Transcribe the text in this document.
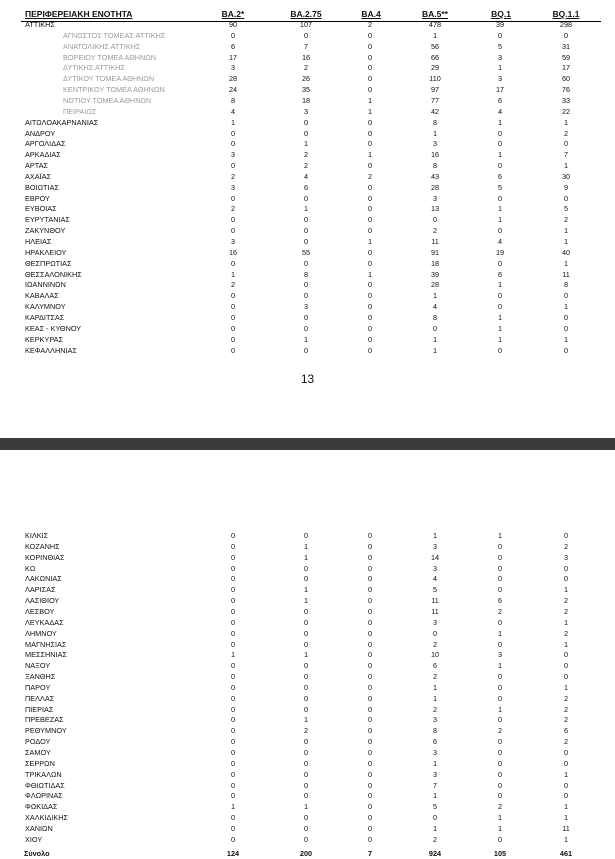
ΠΕΡΙΦΕΡΕΙΑΚΗ ΕΝΟΤΗΤΑ	BA.2*	BA.2.75	BA.4	BA.5**	BQ.1	BQ.1.1
ΑΤΤΙΚΗΣ	90	107	2	478	39	298
ΑΓΝΩΣΤΟΣ ΤΟΜΕΑΣ ΑΤΤΙΚΗΣ	0	0	0	1	0	0
ΑΝΑΤΟΛΙΚΗΣ ΑΤΤΙΚΗΣ	6	7	0	56	5	31
ΒΟΡΕΙΟΥ ΤΟΜΕΑ ΑΘΗΝΩΝ	17	16	0	66	3	59
ΔΥΤΙΚΗΣ ΑΤΤΙΚΗΣ	3	2	0	29	1	17
ΔΥΤΙΚΟΥ ΤΟΜΕΑ ΑΘΗΝΩΝ	28	26	0	110	3	60
ΚΕΝΤΡΙΚΟΥ ΤΟΜΕΑ ΑΘΗΝΩΝ	24	35	0	97	17	76
ΝΟΤΙΟΥ ΤΟΜΕΑ ΑΘΗΝΩΝ	8	18	1	77	6	33
ΠΕΙΡΑΙΩΣ	4	3	1	42	4	22
ΑΙΤΩΛΟΑΚΑΡΝΑΝΙΑΣ	1	0	0	8	1	1
ΑΝΔΡΟΥ	0	0	0	1	0	2
ΑΡΓΟΛΙΔΑΣ	0	1	0	3	0	0
ΑΡΚΑΔΙΑΣ	3	2	1	16	1	7
ΑΡΤΑΣ	0	2	0	8	0	1
ΑΧΑΪΑΣ	2	4	2	43	6	30
ΒΟΙΩΤΙΑΣ	3	6	0	28	5	9
ΕΒΡΟΥ	0	0	0	3	0	0
ΕΥΒΟΙΑΣ	2	1	0	13	1	5
ΕΥΡΥΤΑΝΙΑΣ	0	0	0	0	1	2
ΖΑΚΥΝΘΟΥ	0	0	0	2	0	1
ΗΛΕΙΑΣ	3	0	1	11	4	1
ΗΡΑΚΛΕΙΟΥ	16	55	0	91	19	40
ΘΕΣΠΡΩΤΙΑΣ	0	0	0	18	0	1
ΘΕΣΣΑΛΟΝΙΚΗΣ	1	8	1	39	6	11
ΙΩΑΝΝΙΝΩΝ	2	0	0	28	1	8
ΚΑΒΑΛΑΣ	0	0	0	1	0	0
ΚΑΛΥΜΝΟΥ	0	3	0	4	0	1
ΚΑΡΔΙΤΣΑΣ	0	0	0	8	1	0
ΚΕΑΣ - ΚΥΘΝΟΥ	0	0	0	0	1	0
ΚΕΡΚΥΡΑΣ	0	1	0	1	1	1
ΚΕΦΑΛΛΗΝΙΑΣ	0	0	0	1	0	0
13
ΚΙΛΚΙΣ	0	0	0	1	1	0
ΚΟΖΑΝΗΣ	0	1	0	3	0	2
ΚΟΡΙΝΘΙΑΣ	0	1	0	14	0	3
ΚΩ	0	0	0	3	0	0
ΛΑΚΩΝΙΑΣ	0	0	0	4	0	0
ΛΑΡΙΣΑΣ	0	1	0	5	0	1
ΛΑΣΙΘΙΟΥ	0	1	0	11	6	2
ΛΕΣΒΟΥ	0	0	0	11	2	2
ΛΕΥΚΑΔΑΣ	0	0	0	3	0	1
ΛΗΜΝΟΥ	0	0	0	0	1	2
ΜΑΓΝΗΣΙΑΣ	0	0	0	2	0	1
ΜΕΣΣΗΝΙΑΣ	1	1	0	10	3	0
ΝΑΞΟΥ	0	0	0	6	1	0
ΞΑΝΘΗΣ	0	0	0	2	0	0
ΠΑΡΟΥ	0	0	0	1	0	1
ΠΕΛΛΑΣ	0	0	0	1	0	2
ΠΙΕΡΙΑΣ	0	0	0	2	1	2
ΠΡΕΒΕΖΑΣ	0	1	0	3	0	2
ΡΕΘΥΜΝΟΥ	0	2	0	8	2	6
ΡΟΔΟΥ	0	0	0	6	0	2
ΣΑΜΟΥ	0	0	0	3	0	0
ΣΕΡΡΩΝ	0	0	0	1	0	0
ΤΡΙΚΑΛΩΝ	0	0	0	3	0	1
ΦΘΙΩΤΙΔΑΣ	0	0	0	7	0	0
ΦΛΩΡΙΝΑΣ	0	0	0	1	0	0
ΦΩΚΙΔΑΣ	1	1	0	5	2	1
ΧΑΛΚΙΔΙΚΗΣ	0	0	0	0	1	1
ΧΑΝΙΩΝ	0	0	0	1	1	11
ΧΙΟΥ	0	0	0	2	0	1
Σύνολο	124	200	7	924	105	461
